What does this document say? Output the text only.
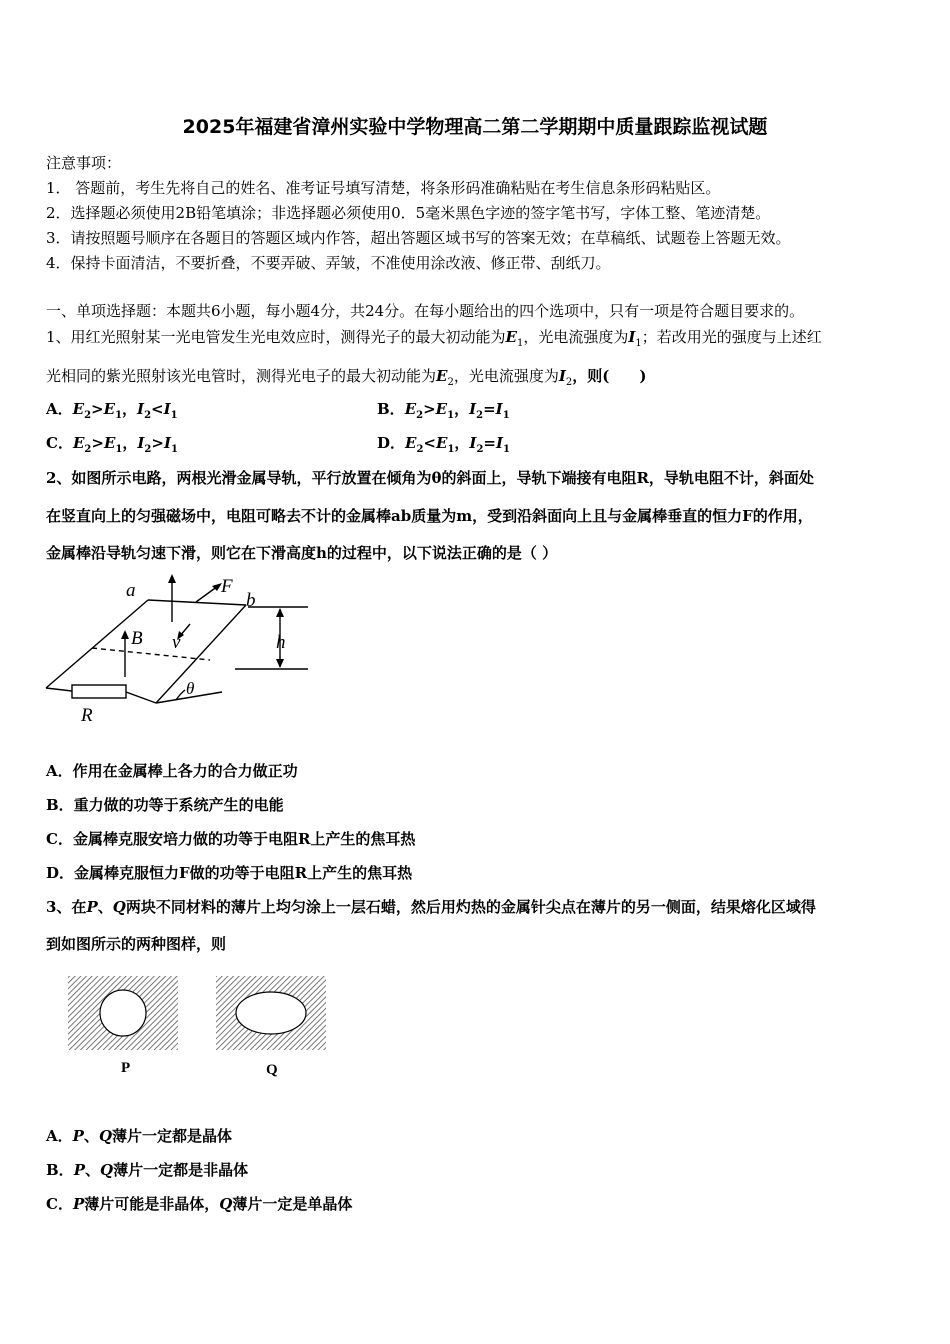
2025年福建省漳州实验中学物理高二第二学期期中质量跟踪监视试题
注意事项：
1． 答题前，考生先将自己的姓名、准考证号填写清楚，将条形码准确粘贴在考生信息条形码粘贴区。
2．选择题必须使用2B铅笔填涂；非选择题必须使用0．5毫米黑色字迹的签字笔书写，字体工整、笔迹清楚。
3．请按照题号顺序在各题目的答题区域内作答，超出答题区域书写的答案无效；在草稿纸、试题卷上答题无效。
4．保持卡面清洁，不要折叠，不要弄破、弄皱，不准使用涂改液、修正带、刮纸刀。
一、单项选择题：本题共6小题，每小题4分，共24分。在每小题给出的四个选项中，只有一项是符合题目要求的。
1、用红光照射某一光电管发生光电效应时，测得光子的最大初动能为$E_1$，光电流强度为$I_1$；若改用光的强度与上述红
光相同的紫光照射该光电管时，测得光电子的最大初动能为$E_2$，光电流强度为$I_2$，则(　　)
A．$E_2>E_1$，$I_2<I_1$	B．$E_2>E_1$，$I_2=I_1$
C．$E_2>E_1$，$I_2>I_1$	D．$E_2<E_1$，$I_2=I_1$
2、如图所示电路，两根光滑金属导轨，平行放置在倾角为θ的斜面上，导轨下端接有电阻R，导轨电阻不计，斜面处
在竖直向上的匀强磁场中，电阻可略去不计的金属棒ab质量为m，受到沿斜面向上且与金属棒垂直的恒力F的作用，
金属棒沿导轨匀速下滑，则它在下滑高度h的过程中，以下说法正确的是（ ）
a	b
F
B v	h
θ
R
A．作用在金属棒上各力的合力做正功
B．重力做的功等于系统产生的电能
C．金属棒克服安培力做的功等于电阻R上产生的焦耳热
D．金属棒克服恒力F做的功等于电阻R上产生的焦耳热
3、在P、Q两块不同材料的薄片上均匀涂上一层石蜡，然后用灼热的金属针尖点在薄片的另一侧面，结果熔化区域得
到如图所示的两种图样，则
P	Q
A．P、Q薄片一定都是晶体
B．P、Q薄片一定都是非晶体
C．P薄片可能是非晶体，Q薄片一定是单晶体
